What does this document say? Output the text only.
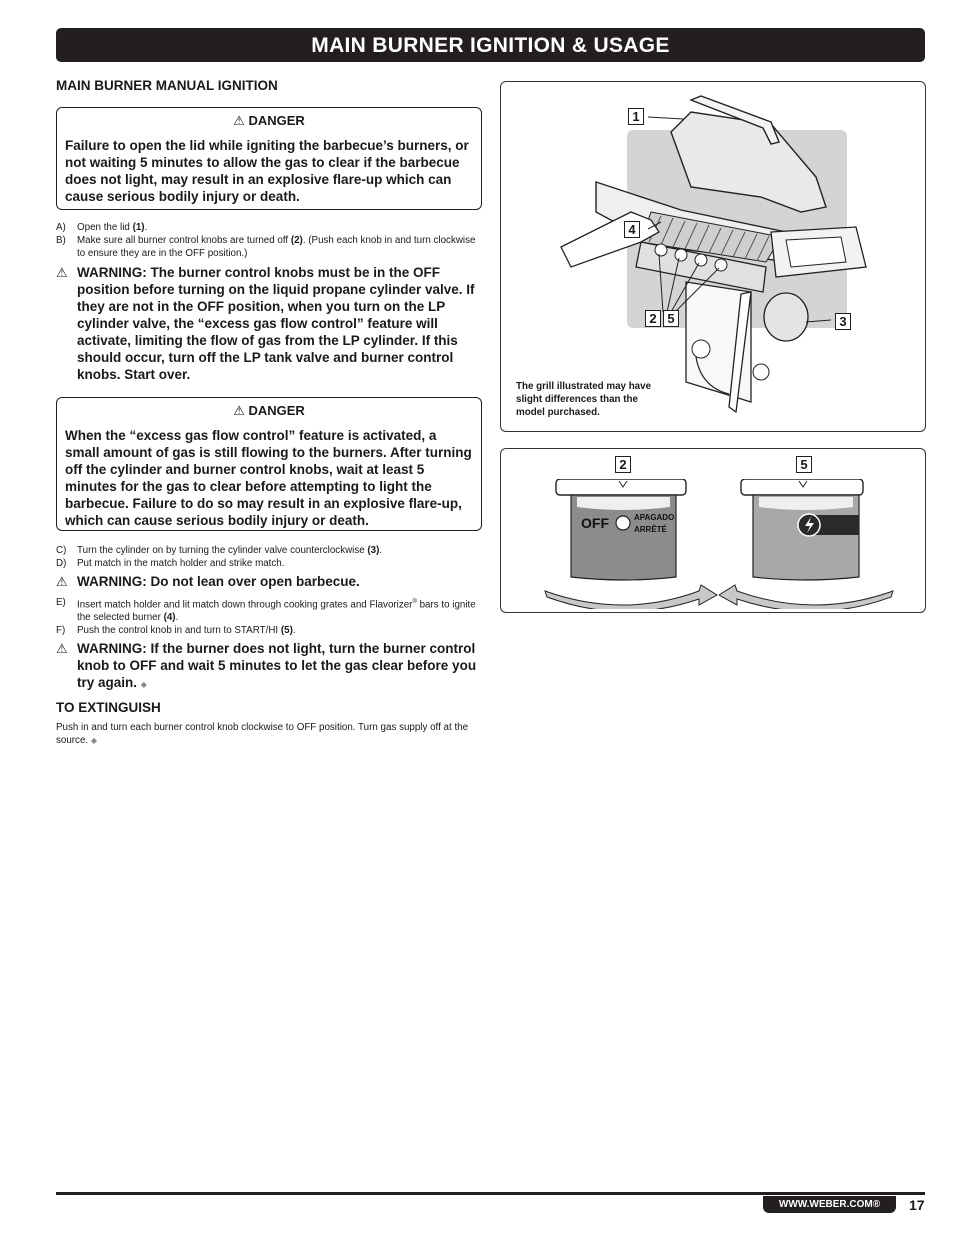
MAIN BURNER IGNITION & USAGE

MAIN BURNER MANUAL IGNITION

⚠ DANGER
Failure to open the lid while igniting the barbecue’s burners, or not waiting 5 minutes to allow the gas to clear if the barbecue does not light, may result in an explosive flare-up which can cause serious bodily injury or death.
A) Open the lid (1).
B) Make sure all burner control knobs are turned off (2). (Push each knob in and turn clockwise to ensure they are in the OFF position.)
⚠ WARNING: The burner control knobs must be in the OFF position before turning on the liquid propane cylinder valve. If they are not in the OFF position, when you turn on the LP cylinder valve, the “excess gas flow control” feature will activate, limiting the flow of gas from the LP cylinder. If this should occur, turn off the LP tank valve and burner control knobs. Start over.
⚠ DANGER
When the “excess gas flow control” feature is activated, a small amount of gas is still flowing to the burners. After turning off the cylinder and burner control knobs, wait at least 5 minutes for the gas to clear before attempting to light the barbecue. Failure to do so may result in an explosive flare-up, which can cause serious bodily injury or death.
C) Turn the cylinder on by turning the cylinder valve counterclockwise (3).
D) Put match in the match holder and strike match.
⚠ WARNING: Do not lean over open barbecue.
E) Insert match holder and lit match down through cooking grates and Flavorizer® bars to ignite the selected burner (4).
F) Push the control knob in and turn to START/HI (5).
⚠ WARNING: If the burner does not light, turn the burner control knob to OFF and wait 5 minutes to let the gas clear before you try again. ◆

TO EXTINGUISH

Push in and turn each burner control knob clockwise to OFF position. Turn gas supply off at the source. ◆
1
4
2 5	3
The grill illustrated may have slight differences than the model purchased.
2	5
OFF	APAGADO
ARRÊTÉ
WWW.WEBER.COM®	17
